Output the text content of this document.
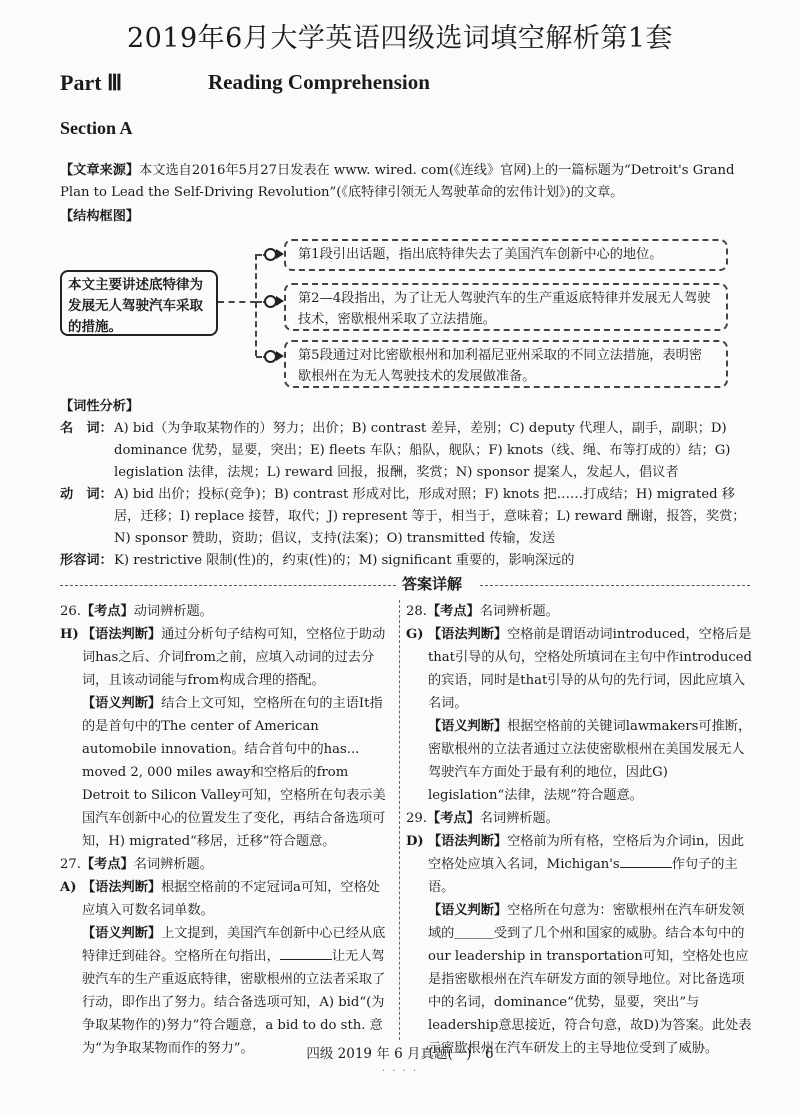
2019年6月大学英语四级选词填空解析第1套
Part Ⅲ	Reading Comprehension
Section A
【文章来源】本文选自2016年5月27日发表在 www. wired. com(《连线》官网)上的一篇标题为“Detroit's Grand Plan to Lead the Self-Driving Revolution”(《底特律引领无人驾驶革命的宏伟计划》)的文章。
【结构框图】
本文主要讲述底特律为发展无人驾驶汽车采取的措施。
第1段引出话题，指出底特律失去了美国汽车创新中心的地位。
第2—4段指出，为了让无人驾驶汽车的生产重返底特律并发展无人驾驶技术，密歇根州采取了立法措施。
第5段通过对比密歇根州和加利福尼亚州采取的不同立法措施，表明密歇根州在为无人驾驶技术的发展做准备。
【词性分析】
名　词： A) bid（为争取某物作的）努力；出价；B) contrast 差异，差别；C) deputy 代理人，副手，副职；D) dominance 优势，显要，突出；E) fleets 车队；船队，舰队；F) knots（线、绳、布等打成的）结；G) legislation 法律，法规；L) reward 回报，报酬，奖赏；N) sponsor 提案人，发起人，倡议者
动　词： A) bid 出价；投标(竞争)；B) contrast 形成对比，形成对照；F) knots 把……打成结；H) migrated 移居，迁移；I) replace 接替，取代；J) represent 等于，相当于，意味着；L) reward 酬谢，报答，奖赏；N) sponsor 赞助，资助；倡议，支持(法案)；O) transmitted 传输，发送
形容词： K) restrictive 限制(性)的，约束(性)的；M) significant 重要的，影响深远的
答案详解
26.【考点】动词辨析题。
H) 【语法判断】通过分析句子结构可知，空格位于助动词has之后、介词from之前，应填入动词的过去分词，且该动词能与from构成合理的搭配。
【语义判断】结合上文可知，空格所在句的主语It指的是首句中的The center of American automobile innovation。结合首句中的has... moved 2, 000 miles away和空格后的from Detroit to Silicon Valley可知，空格所在句表示美国汽车创新中心的位置发生了变化，再结合备选项可知，H) migrated“移居，迁移”符合题意。
27.【考点】名词辨析题。
A) 【语法判断】根据空格前的不定冠词a可知，空格处应填入可数名词单数。
【语义判断】上文提到，美国汽车创新中心已经从底特律迁到硅谷。空格所在句指出，	让无人驾驶汽车的生产重返底特律，密歇根州的立法者采取了行动，即作出了努力。结合备选项可知，A) bid“(为争取某物作的)努力”符合题意，a bid to do sth. 意为“为争取某物而作的努力”。
28.【考点】名词辨析题。
G) 【语法判断】空格前是谓语动词introduced，空格后是that引导的从句，空格处所填词在主句中作introduced的宾语，同时是that引导的从句的先行词，因此应填入名词。
【语义判断】根据空格前的关键词lawmakers可推断，密歇根州的立法者通过立法使密歇根州在美国发展无人驾驶汽车方面处于最有利的地位，因此G) legislation“法律，法规”符合题意。
29.【考点】名词辨析题。
D) 【语法判断】空格前为所有格，空格后为介词in，因此空格处应填入名词，Michigan's	作句子的主语。
【语义判断】空格所在句意为：密歇根州在汽车研发领域的＿＿＿受到了几个州和国家的威胁。结合本句中的our leadership in transportation可知，空格处也应是指密歇根州在汽车研发方面的领导地位。对比备选项中的名词，dominance“优势，显要，突出”与leadership意思接近，符合句意，故D)为答案。此处表示密歇根州在汽车研发上的主导地位受到了威胁。
四级 2019 年 6 月真题(一)　6
· · · ·
